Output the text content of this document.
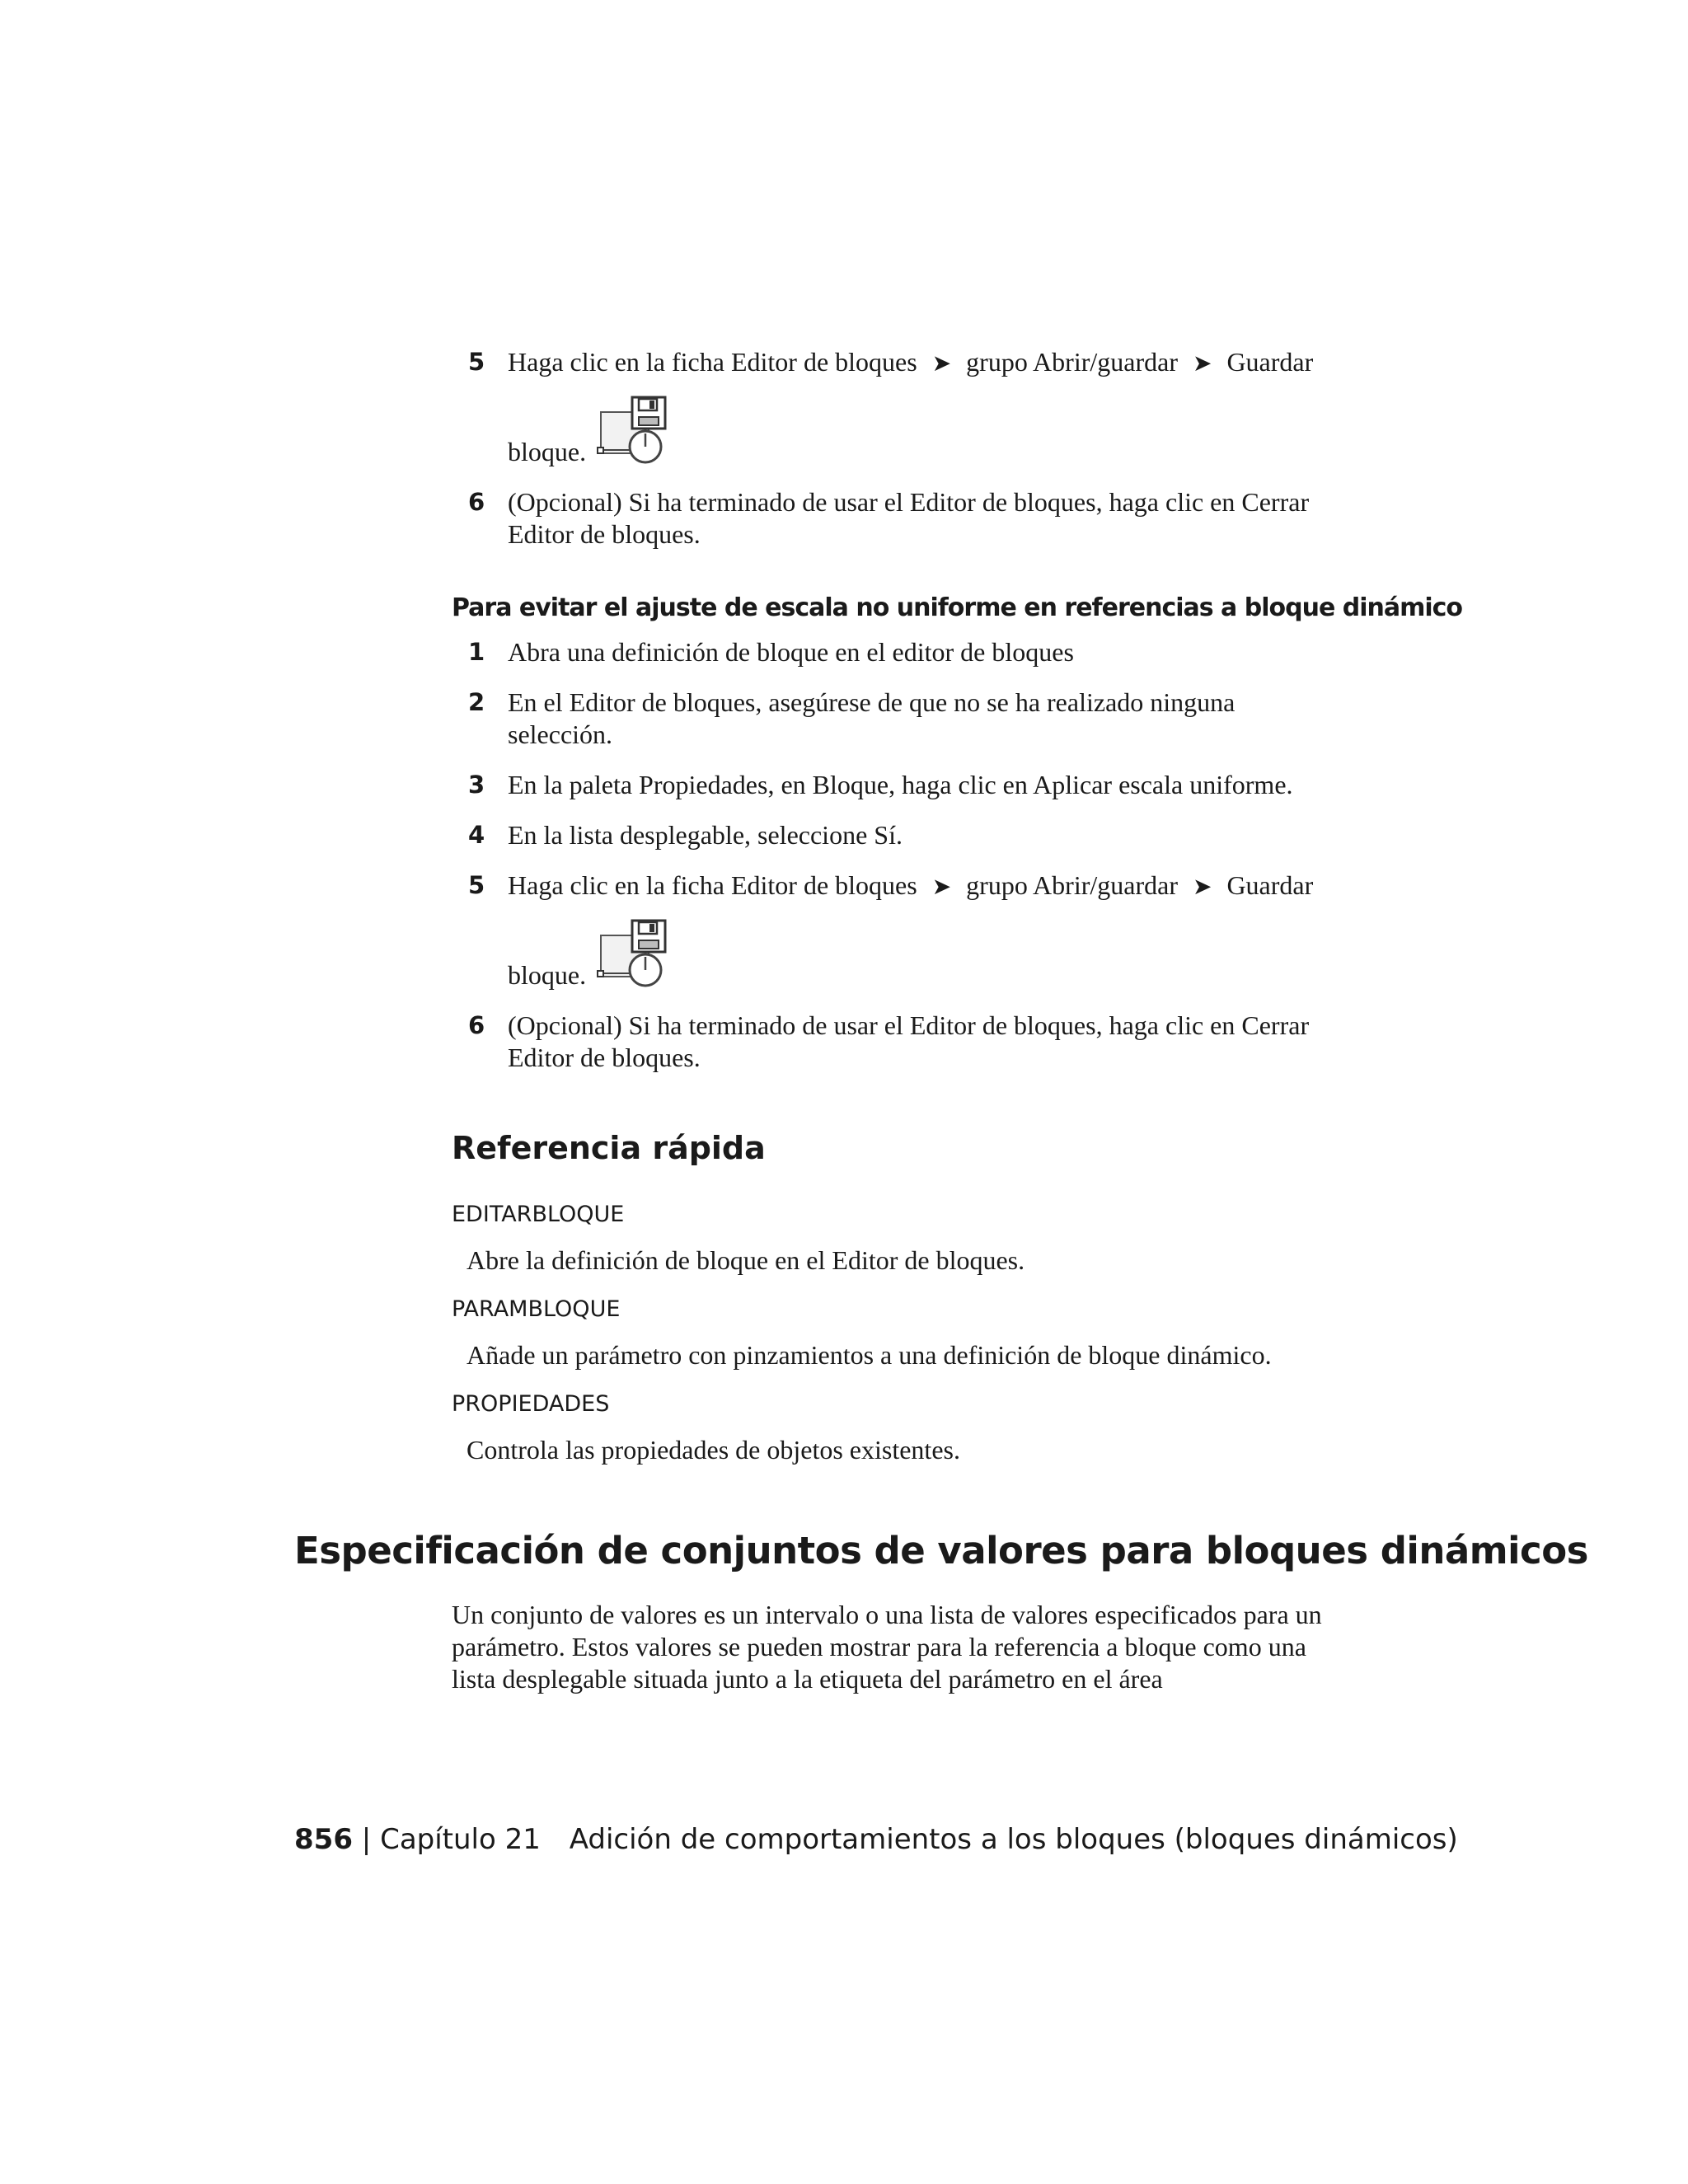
5 Haga clic en la ficha Editor de bloques ➤ grupo Abrir/guardar ➤ Guardar
bloque.
6 (Opcional) Si ha terminado de usar el Editor de bloques, haga clic en Cerrar Editor de bloques.
Para evitar el ajuste de escala no uniforme en referencias a bloque dinámico
1 Abra una definición de bloque en el editor de bloques
2 En el Editor de bloques, asegúrese de que no se ha realizado ninguna selección.
3 En la paleta Propiedades, en Bloque, haga clic en Aplicar escala uniforme.
4 En la lista desplegable, seleccione Sí.
5 Haga clic en la ficha Editor de bloques ➤ grupo Abrir/guardar ➤ Guardar
bloque.
6 (Opcional) Si ha terminado de usar el Editor de bloques, haga clic en Cerrar Editor de bloques.
Referencia rápida

EDITARBLOQUE

Abre la definición de bloque en el Editor de bloques.

PARAMBLOQUE

Añade un parámetro con pinzamientos a una definición de bloque dinámico.

PROPIEDADES

Controla las propiedades de objetos existentes.

Especificación de conjuntos de valores para bloques dinámicos

Un conjunto de valores es un intervalo o una lista de valores especificados para un parámetro. Estos valores se pueden mostrar para la referencia a bloque como una lista desplegable situada junto a la etiqueta del parámetro en el área

856 | Capítulo 21 Adición de comportamientos a los bloques (bloques dinámicos)
